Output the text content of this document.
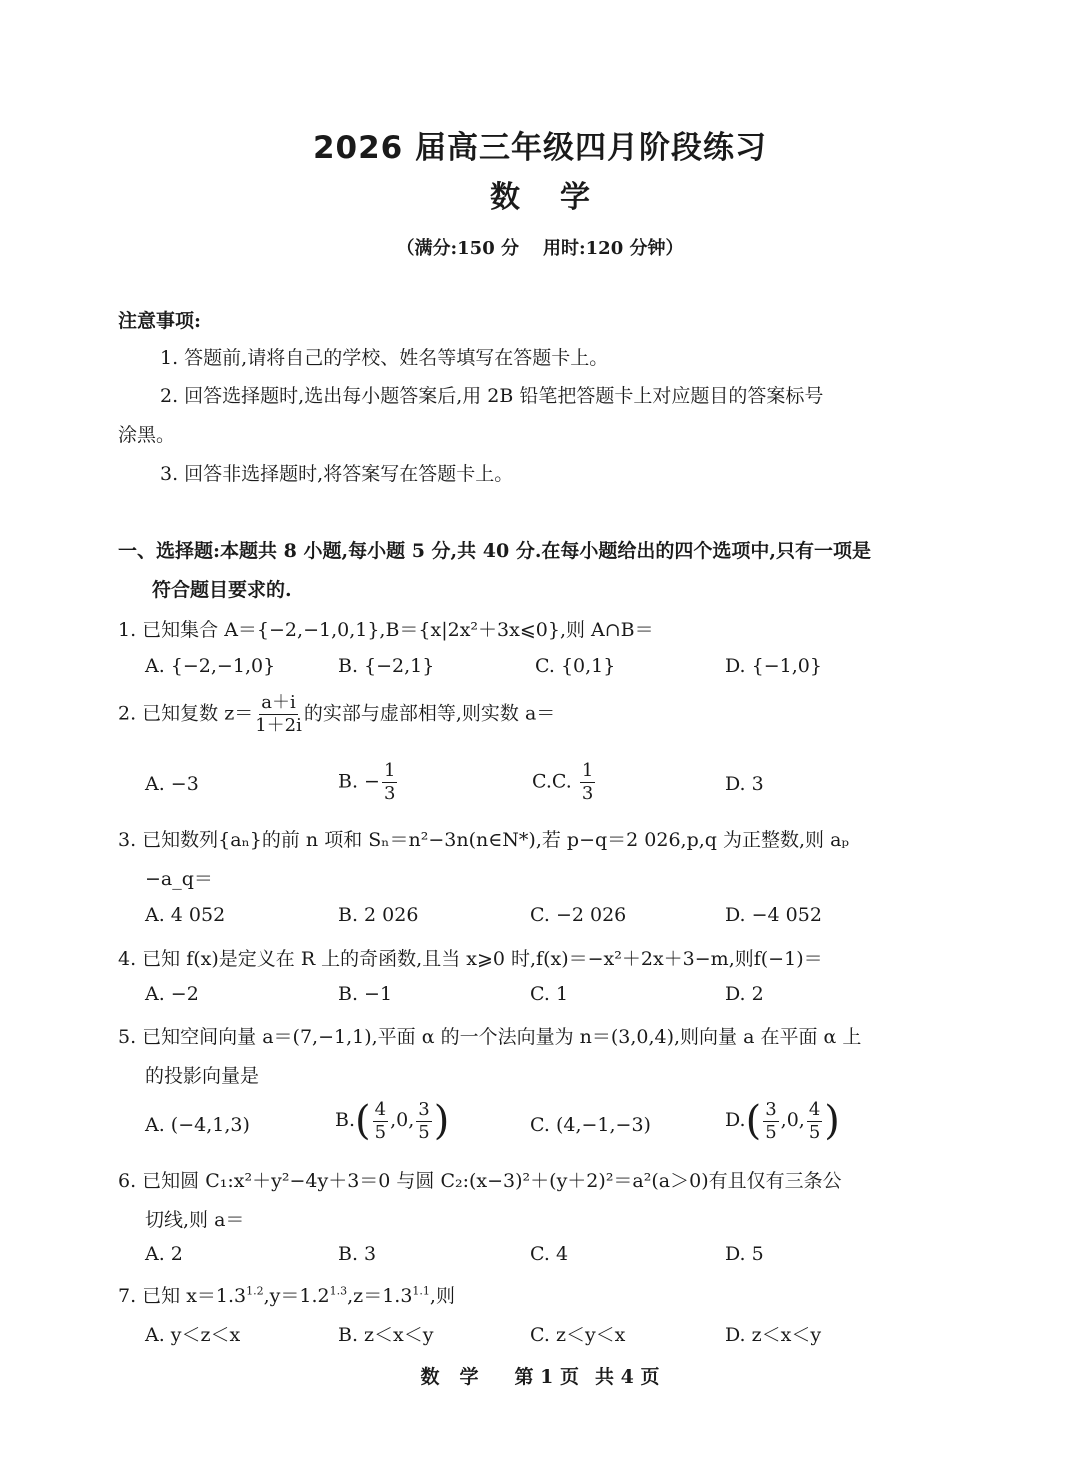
2026 届高三年级四月阶段练习
数学
（满分:150 分 用时:120 分钟）
注意事项:
1. 答题前,请将自己的学校、姓名等填写在答题卡上。
2. 回答选择题时,选出每小题答案后,用 2B 铅笔把答题卡上对应题目的答案标号
涂黑。
3. 回答非选择题时,将答案写在答题卡上。
一、选择题:本题共 8 小题,每小题 5 分,共 40 分.在每小题给出的四个选项中,只有一项是
符合题目要求的.
1. 已知集合 A＝{−2,−1,0,1},B＝{x|2x²＋3x⩽0},则 A∩B＝
A. {−2,−1,0}	B. {−2,1}	C. {0,1}	D. {−1,0}
2. 已知复数 $z= \frac{a+i}{1+2i}$ 的实部与虚部相等,则实数 a＝
A. −3	B. − $\frac{1}{3}$	C.C. $\frac{1}{3}$	D. 3
3. 已知数列{aₙ}的前 n 项和 Sₙ＝n²−3n(n∈N*),若 p−q＝2 026,p,q 为正整数,则 aₚ
−a_q＝
A. 4 052	B. 2 026	C. −2 026	D. −4 052
4. 已知 f(x)是定义在 R 上的奇函数,且当 x⩾0 时,f(x)＝−x²＋2x＋3−m,则f(−1)＝
A. −2	B. −1	C. 1	D. 2
5. 已知空间向量 a＝(7,−1,1),平面 α 的一个法向量为 n＝(3,0,4),则向量 a 在平面 α 上
的投影向量是
A. (−4,1,3)	$B.( \frac{4}{5} ,0$, $\frac{3}{5}$ )	C. (4,−1,−3)	$D.( \frac{3}{5} ,0$, $\frac{4}{5}$ )
6. 已知圆 C₁:x²＋y²−4y＋3＝0 与圆 C₂:(x−3)²＋(y＋2)²＝a²(a＞0)有且仅有三条公
切线,则 a＝
A. 2	B. 3	C. 4	D. 5
7. 已知 $x=1.3^{1.2},y=1.2^{1.3},z=1.3^{1.1}$,则
A. y＜z＜x	B. z＜x＜y	C. z＜y＜x	D. z＜x＜y
数学 第 1 页 共 4 页
